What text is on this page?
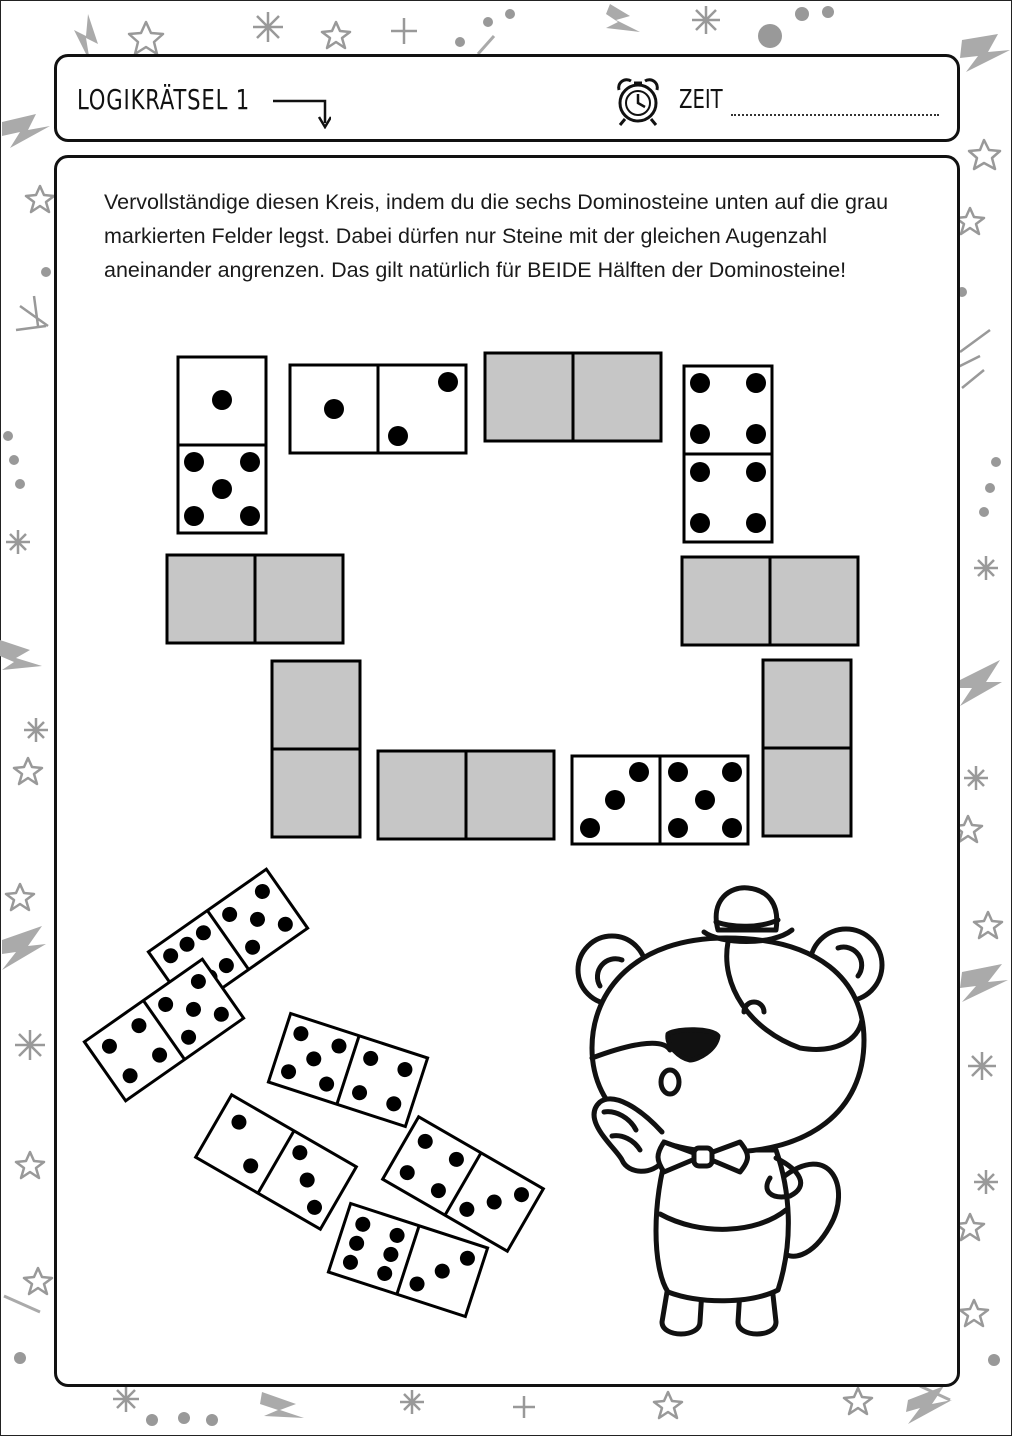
LOGIKRÄTSEL 1	ZEIT

Vervollständige diesen Kreis, indem du die sechs Dominosteine unten auf die grau markierten Felder legst. Dabei dürfen nur Steine mit der gleichen Augenzahl aneinander angrenzen. Das gilt natürlich für BEIDE Hälften der Dominosteine!
